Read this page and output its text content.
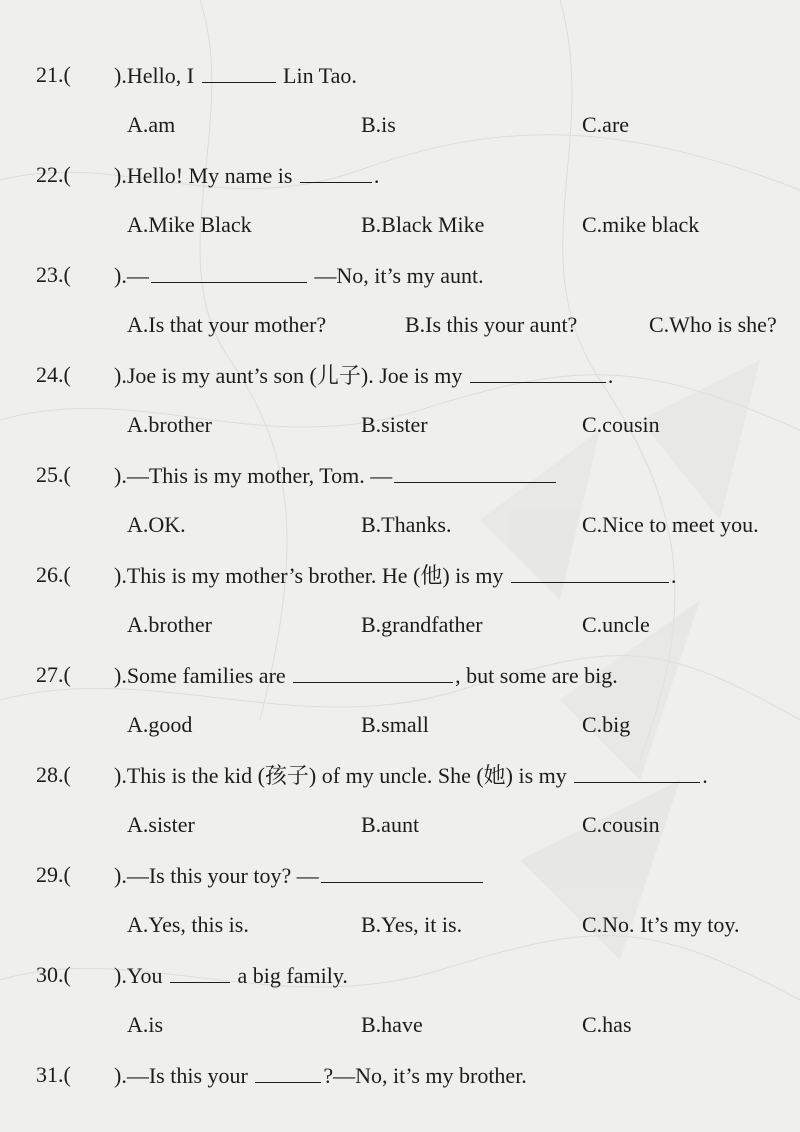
21.( ).Hello, I	Lin Tao.
A.am	B.is	C.are
22.( ).Hello! My name is	.
A.Mike Black	B.Black Mike	C.mike black
23.( ).—	—No, it’s my aunt.
A.Is that your mother?	B.Is this your aunt?	C.Who is she?
24.( ).Joe is my aunt’s son (儿子). Joe is my	.
A.brother	B.sister	C.cousin
25.( ).—This is my mother, Tom. —
A.OK.	B.Thanks.	C.Nice to meet you.
26.( ).This is my mother’s brother. He (他) is my	.
A.brother	B.grandfather	C.uncle
27.( ).Some families are	, but some are big.
A.good	B.small	C.big
28.( ).This is the kid (孩子) of my uncle. She (她) is my	.
A.sister	B.aunt	C.cousin
29.( ).—Is this your toy? —
A.Yes, this is.	B.Yes, it is.	C.No. It’s my toy.
30.( ).You	a big family.
A.is	B.have	C.has
31.( ).—Is this your	?—No, it’s my brother.
